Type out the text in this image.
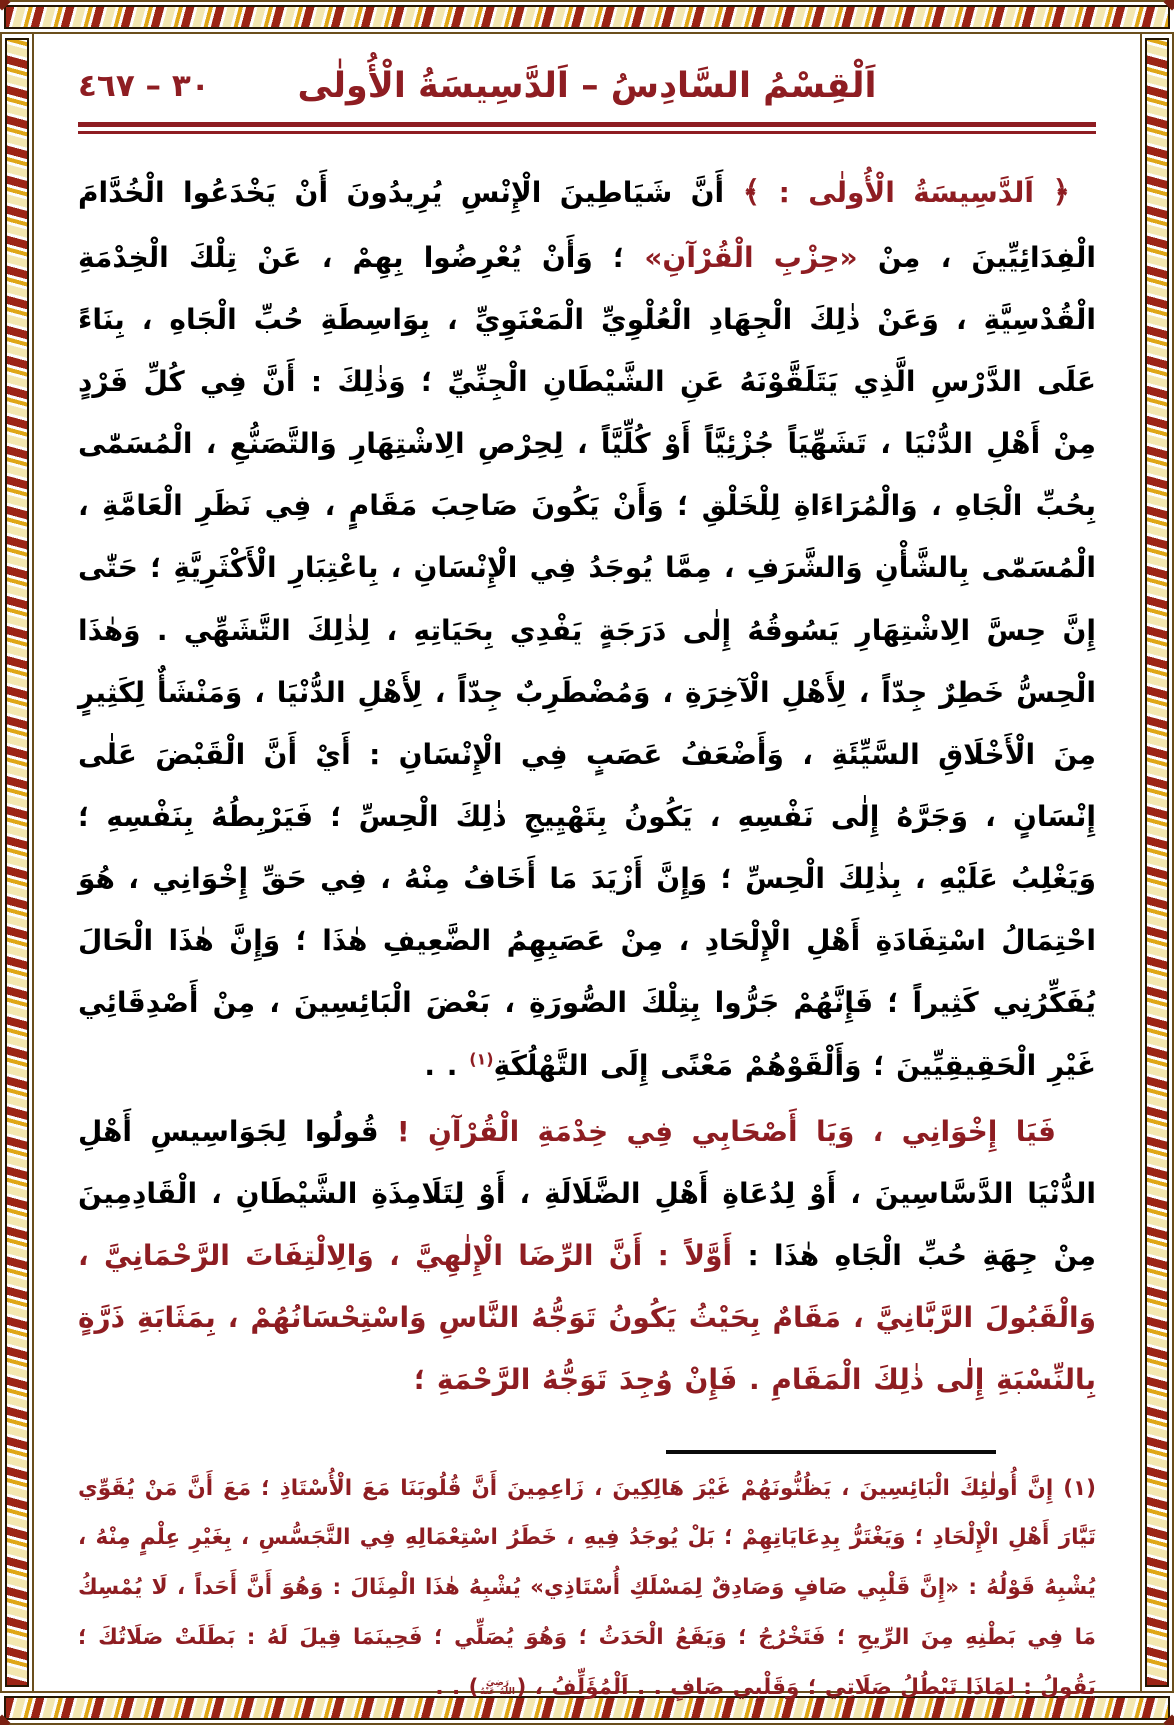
اَلْقِسْمُ السَّادِسُ – اَلدَّسِيسَةُ الْأُولٰى
٣٠ – ٤٦٧

﴿ اَلدَّسِيسَةُ الْأُولٰى : ﴾ أَنَّ شَيَاطِينَ الْإِنْسِ يُرِيدُونَ أَنْ يَخْدَعُوا الْخُدَّامَ الْفِدَائِيِّينَ ، مِنْ «حِزْبِ الْقُرْآنِ» ؛ وَأَنْ يُعْرِضُوا بِهِمْ ، عَنْ تِلْكَ الْخِدْمَةِ الْقُدْسِيَّةِ ، وَعَنْ ذٰلِكَ الْجِهَادِ الْعُلْوِيِّ الْمَعْنَوِيِّ ، بِوَاسِطَةِ حُبِّ الْجَاهِ ، بِنَاءً عَلَى الدَّرْسِ الَّذِي يَتَلَقَّوْنَهُ عَنِ الشَّيْطَانِ الْجِنِّيِّ ؛ وَذٰلِكَ : أَنَّ فِي كُلِّ فَرْدٍ مِنْ أَهْلِ الدُّنْيَا ، تَشَهِّيَاً جُزْئِيَّاً أَوْ كُلِّيَّاً ، لِحِرْصِ الِاشْتِهَارِ وَالتَّصَنُّعِ ، الْمُسَمّٰى بِحُبِّ الْجَاهِ ، وَالْمُرَاءَاةِ لِلْخَلْقِ ؛ وَأَنْ يَكُونَ صَاحِبَ مَقَامٍ ، فِي نَظَرِ الْعَامَّةِ ، الْمُسَمّٰى بِالشَّأْنِ وَالشَّرَفِ ، مِمَّا يُوجَدُ فِي الْإِنْسَانِ ، بِاعْتِبَارِ الْأَكْثَرِيَّةِ ؛ حَتّٰى إِنَّ حِسَّ الِاشْتِهَارِ يَسُوقُهُ إِلٰى دَرَجَةٍ يَفْدِي بِحَيَاتِهِ ، لِذٰلِكَ التَّشَهِّي . وَهٰذَا الْحِسُّ خَطِرٌ جِدّاً ، لِأَهْلِ الْآخِرَةِ ، وَمُضْطَرِبٌ جِدّاً ، لِأَهْلِ الدُّنْيَا ، وَمَنْشَأٌ لِكَثِيرٍ مِنَ الْأَخْلَاقِ السَّيِّئَةِ ، وَأَضْعَفُ عَصَبٍ فِي الْإِنْسَانِ : أَيْ أَنَّ الْقَبْضَ عَلٰى إِنْسَانٍ ، وَجَرَّهُ إِلٰى نَفْسِهِ ، يَكُونُ بِتَهْيِيجِ ذٰلِكَ الْحِسِّ ؛ فَيَرْبِطُهُ بِنَفْسِهِ ؛ وَيَغْلِبُ عَلَيْهِ ، بِذٰلِكَ الْحِسِّ ؛ وَإِنَّ أَزْيَدَ مَا أَخَافُ مِنْهُ ، فِي حَقِّ إِخْوَانِي ، هُوَ احْتِمَالُ اسْتِفَادَةِ أَهْلِ الْإِلْحَادِ ، مِنْ عَصَبِهِمُ الضَّعِيفِ هٰذَا ؛ وَإِنَّ هٰذَا الْحَالَ يُفَكِّرُنِي كَثِيراً ؛ فَإِنَّهُمْ جَرُّوا بِتِلْكَ الصُّورَةِ ، بَعْضَ الْبَائِسِينَ ، مِنْ أَصْدِقَائِي غَيْرِ الْحَقِيقِيِّينَ ؛ وَأَلْقَوْهُمْ مَعْنًى إِلَى التَّهْلُكَةِ$^{(١)}$ . .

فَيَا إِخْوَانِي ، وَيَا أَصْحَابِي فِي خِدْمَةِ الْقُرْآنِ ! قُولُوا لِجَوَاسِيسِ أَهْلِ الدُّنْيَا الدَّسَّاسِينَ ، أَوْ لِدُعَاةِ أَهْلِ الضَّلَالَةِ ، أَوْ لِتَلَامِذَةِ الشَّيْطَانِ ، الْقَادِمِينَ مِنْ جِهَةِ حُبِّ الْجَاهِ هٰذَا : أَوَّلاً : أَنَّ الرِّضَا الْإِلٰهِيَّ ، وَالِالْتِفَاتَ الرَّحْمَانِيَّ ، وَالْقَبُولَ الرَّبَّانِيَّ ، مَقَامٌ بِحَيْثُ يَكُونُ تَوَجُّهُ النَّاسِ وَاسْتِحْسَانُهُمْ ، بِمَثَابَةِ ذَرَّةٍ بِالنِّسْبَةِ إِلٰى ذٰلِكَ الْمَقَامِ . فَإِنْ وُجِدَ تَوَجُّهُ الرَّحْمَةِ ؛

(١) إِنَّ أُولٰئِكَ الْبَائِسِينَ ، يَظُنُّونَهُمْ غَيْرَ هَالِكِينَ ، زَاعِمِينَ أَنَّ قُلُوبَنَا مَعَ الْأُسْتَاذِ ؛ مَعَ أَنَّ مَنْ يُقَوِّي تَيَّارَ أَهْلِ الْإِلْحَادِ ؛ وَيَغْتَرُّ بِدِعَايَاتِهِمْ ؛ بَلْ يُوجَدُ فِيهِ ، خَطَرُ اسْتِعْمَالِهِ فِي التَّجَسُّسِ ، بِغَيْرِ عِلْمٍ مِنْهُ ، يُشْبِهُ قَوْلُهُ : «إِنَّ قَلْبِي صَافٍ وَصَادِقٌ لِمَسْلَكِ أُسْتَاذِي» يُشْبِهُ هٰذَا الْمِثَالَ : وَهُوَ أَنَّ أَحَداً ، لَا يُمْسِكُ مَا فِي بَطْنِهِ مِنَ الرِّيحِ ؛ فَتَخْرُجُ ؛ وَيَقَعُ الْحَدَثُ ؛ وَهُوَ يُصَلِّي ؛ فَحِينَمَا قِيلَ لَهُ : بَطَلَتْ صَلَاتُكَ ؛ يَقُولُ : لِمَاذَا تَبْطُلُ صَلَاتِي ؛ وَقَلْبِي صَافٍ . . اَلْمُؤَلِّفُ ، (رَضِيَ اللهُ عَنْهُ) . .
